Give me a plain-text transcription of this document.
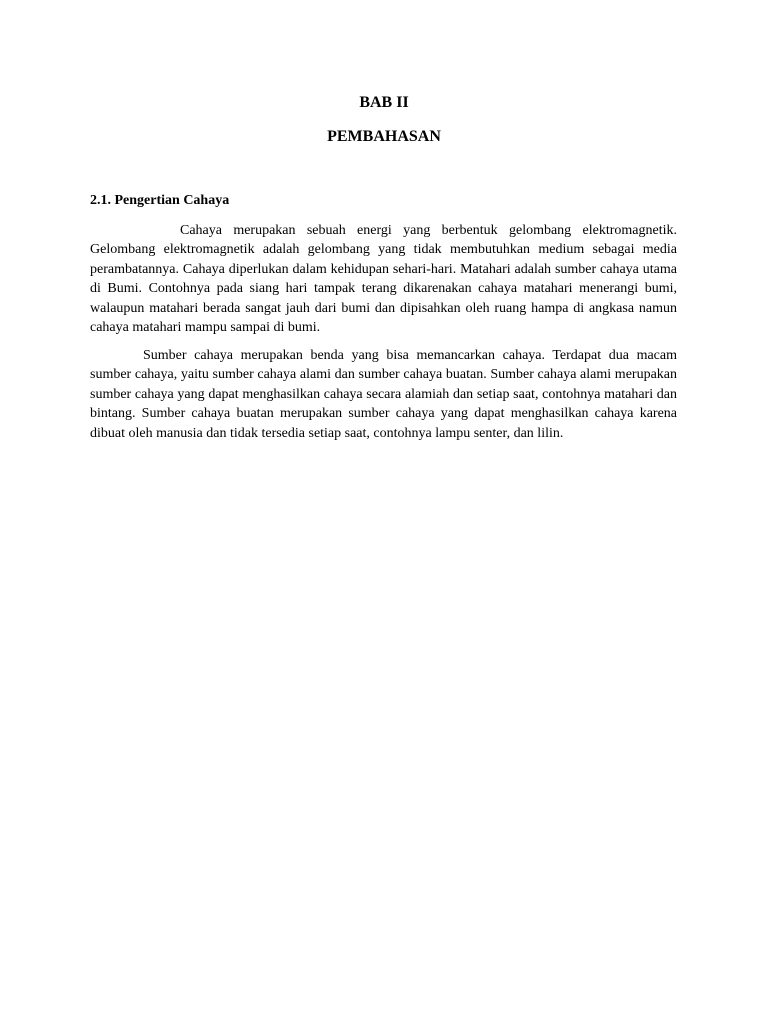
BAB II
PEMBAHASAN
2.1. Pengertian Cahaya

Cahaya merupakan sebuah energi yang berbentuk gelombang elektromagnetik. Gelombang elektromagnetik adalah gelombang yang tidak membutuhkan medium sebagai media perambatannya. Cahaya diperlukan dalam kehidupan sehari-hari. Matahari adalah sumber cahaya utama di Bumi. Contohnya pada siang hari tampak terang dikarenakan cahaya matahari menerangi bumi, walaupun matahari berada sangat jauh dari bumi dan dipisahkan oleh ruang hampa di angkasa namun cahaya matahari mampu sampai di bumi.

Sumber cahaya merupakan benda yang bisa memancarkan cahaya. Terdapat dua macam sumber cahaya, yaitu sumber cahaya alami dan sumber cahaya buatan. Sumber cahaya alami merupakan sumber cahaya yang dapat menghasilkan cahaya secara alamiah dan setiap saat, contohnya matahari dan bintang. Sumber cahaya buatan merupakan sumber cahaya yang dapat menghasilkan cahaya karena dibuat oleh manusia dan tidak tersedia setiap saat, contohnya lampu senter, dan lilin.
